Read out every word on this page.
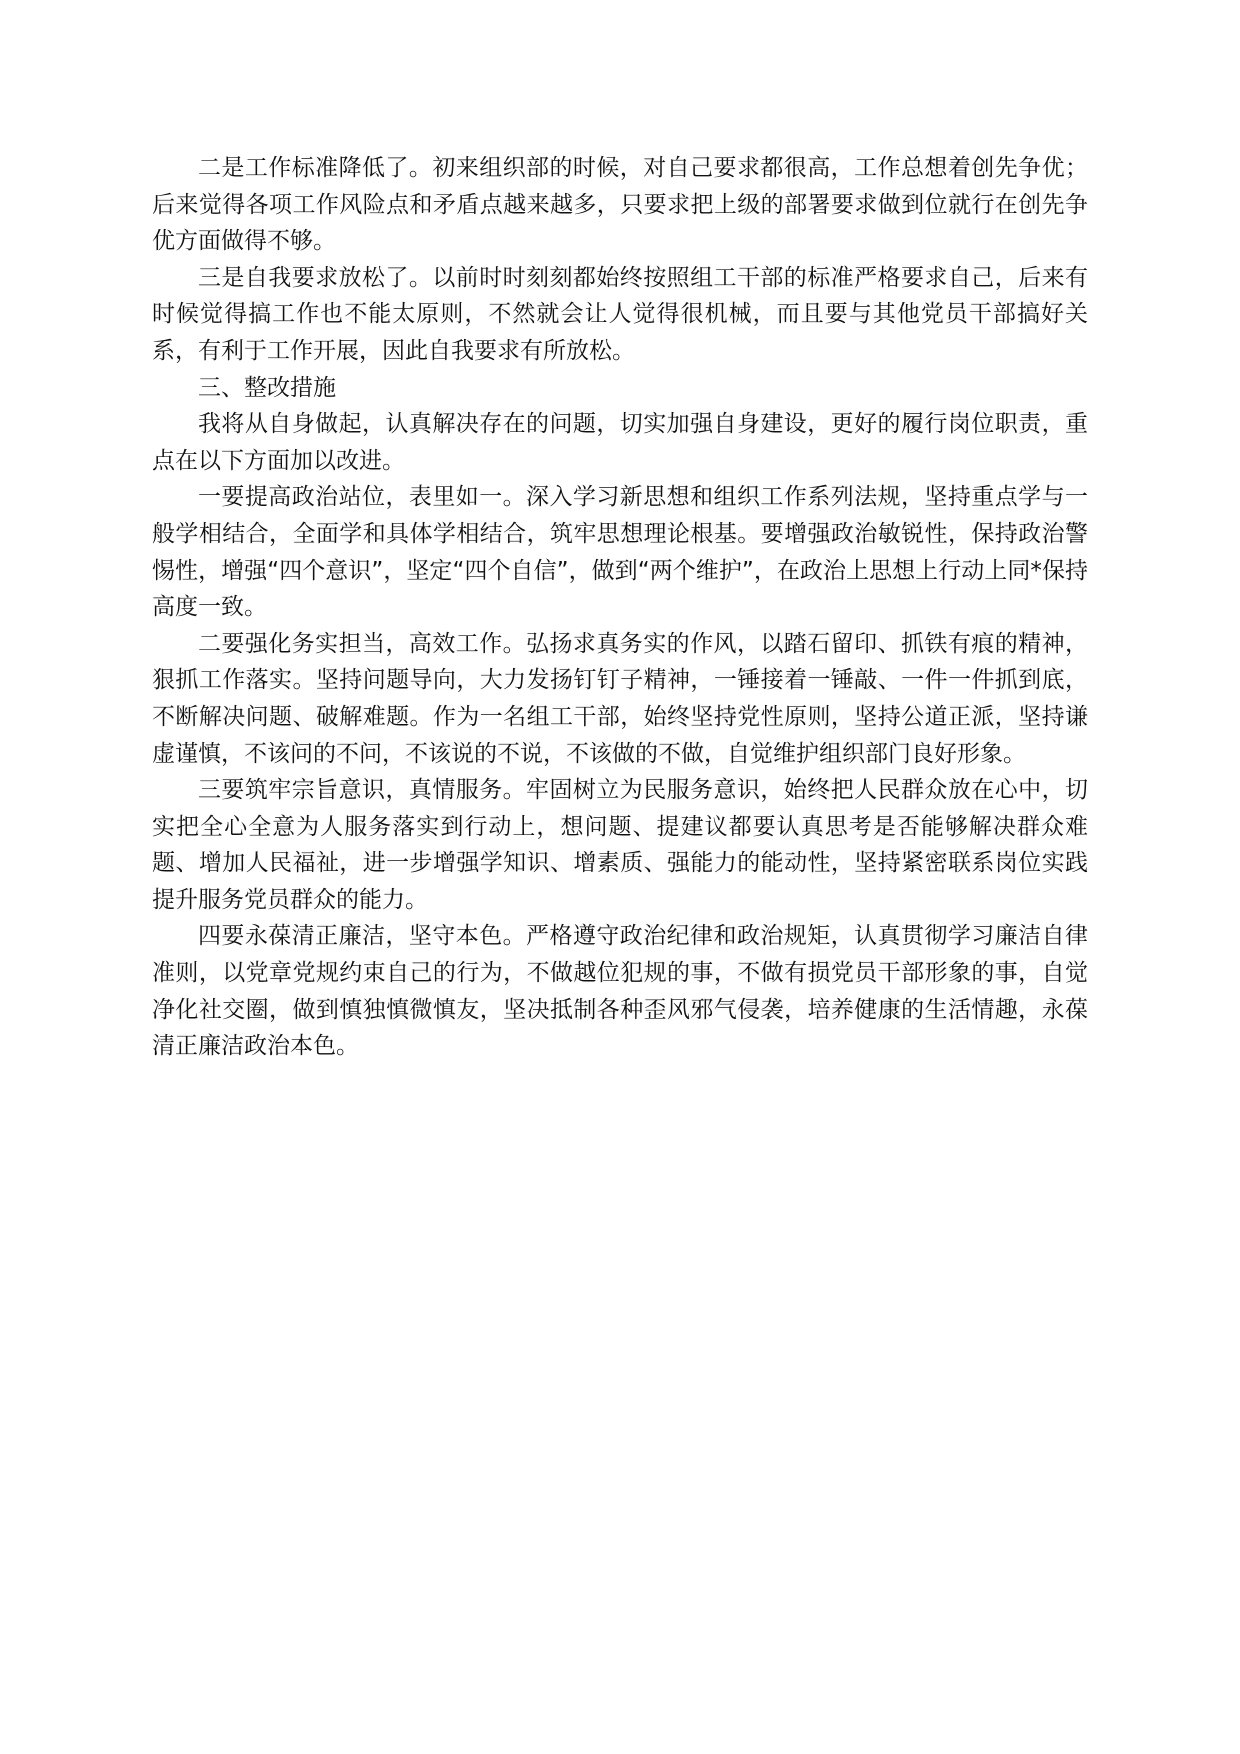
二是工作标准降低了。初来组织部的时候，对自己要求都很高，工作总想着创先争优；后来觉得各项工作风险点和矛盾点越来越多，只要求把上级的部署要求做到位就行在创先争优方面做得不够。

三是自我要求放松了。以前时时刻刻都始终按照组工干部的标准严格要求自己，后来有时候觉得搞工作也不能太原则，不然就会让人觉得很机械，而且要与其他党员干部搞好关系，有利于工作开展，因此自我要求有所放松。

三、整改措施

我将从自身做起，认真解决存在的问题，切实加强自身建设，更好的履行岗位职责，重点在以下方面加以改进。

一要提高政治站位，表里如一。深入学习新思想和组织工作系列法规，坚持重点学与一般学相结合，全面学和具体学相结合，筑牢思想理论根基。要增强政治敏锐性，保持政治警惕性，增强“四个意识”，坚定“四个自信”，做到“两个维护”，在政治上思想上行动上同*保持高度一致。

二要强化务实担当，高效工作。弘扬求真务实的作风，以踏石留印、抓铁有痕的精神，狠抓工作落实。坚持问题导向，大力发扬钉钉子精神，一锤接着一锤敲、一件一件抓到底，不断解决问题、破解难题。作为一名组工干部，始终坚持党性原则，坚持公道正派，坚持谦虚谨慎，不该问的不问，不该说的不说，不该做的不做，自觉维护组织部门良好形象。

三要筑牢宗旨意识，真情服务。牢固树立为民服务意识，始终把人民群众放在心中，切实把全心全意为人服务落实到行动上，想问题、提建议都要认真思考是否能够解决群众难题、增加人民福祉，进一步增强学知识、增素质、强能力的能动性，坚持紧密联系岗位实践提升服务党员群众的能力。

四要永葆清正廉洁，坚守本色。严格遵守政治纪律和政治规矩，认真贯彻学习廉洁自律准则，以党章党规约束自己的行为，不做越位犯规的事，不做有损党员干部形象的事，自觉净化社交圈，做到慎独慎微慎友，坚决抵制各种歪风邪气侵袭，培养健康的生活情趣，永葆清正廉洁政治本色。
